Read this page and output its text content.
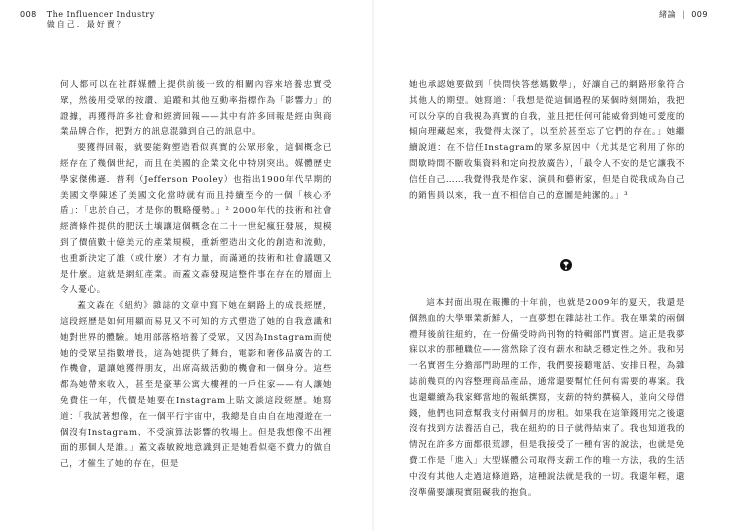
008 The Influencer Industry
做自己．最好賣？

何人都可以在社群媒體上提供前後一致的相關內容來培養忠實受眾，然後用受眾的按讚、追蹤和其他互動率指標作為「影響力」的證據，再獲得許多社會和經濟回報——其中有許多回報是經由與商業品牌合作，把對方的訊息混雜到自己的訊息中。

要獲得回報，就要能夠塑造看似真實的公眾形象，這個概念已經存在了幾個世紀，而且在美國的企業文化中特別突出。媒體歷史學家傑佛遜．普利（Jefferson Pooley）也指出1900年代早期的美國文學陳述了美國文化當時就有而且持續至今的一個「核心矛盾」：「忠於自己，才是你的戰略優勢。」² 2000年代的技術和社會經濟條件提供的肥沃土壤讓這個概念在二十一世紀瘋狂發展，規模到了價值數十億美元的產業規模，重新塑造出文化的創造和流動，也重新決定了誰（或什麼）才有力量，而滿通的技術和社會議題又是什麼。這就是網紅產業。而蓋文森發現這整件事在存在的層面上令人憂心。

蓋文森在《紐約》雜誌的文章中寫下她在網路上的成長經歷，這段經歷是如何用顯而易見又不可知的方式塑造了她的自我意識和她對世界的體驗。她用部落格培養了受眾，又因為Instagram而使她的受眾呈指數增長，這為她提供了舞台，電影和奢侈品廣告的工作機會，還讓她獲得朋友，出席高級活動的機會和一個身分。這些都為她帶來收入，甚至是豪華公寓大樓裡的一戶住家——有人讓她免費住一年，代價是她要在Instagram上貼文談這段經歷。她寫道：「我試著想像，在一個平行宇宙中，我總是自由自在地漫遊在一個沒有Instagram、不受演算法影響的牧場上。但是我想像不出裡面的那個人是誰。」蓋文森敏銳地意識到正是她看似毫不費力的做自己，才催生了她的存在，但是

緒論 | 009

她也承認她要做到「快問快答慈媽數學」，好讓自己的網路形象符合其他人的期望。她寫道：「我想是從這個過程的某個時刻開始，我把可以分享的自我視為真實的自我，並且把任何可能威脅到她可愛度的傾向理藏起來，我覺得太深了，以至於甚至忘了它們的存在。」她繼續說道：在不信任Instagram的眾多原因中（尤其是它利用了你的間歇時間不斷收集資料和定向投放廣告），「最令人不安的是它讓我不信任自己……我覺得我是作家、演員和藝術家，但是自從我成為自己的銷售員以來，我一直不相信自己的意圖是純潔的。」³

這本封面出現在報攤的十年前，也就是2009年的夏天，我還是個熱血的大學畢業新鮮人，一直夢想在雜誌社工作。我在畢業的兩個禮拜後前往紐約，在一份備受時尚刊物的特輯部門實習。這正是我夢寐以求的那種職位——當然除了沒有薪水和缺乏穩定性之外。我和另一名實習生分擔部門助理的工作，我們要接聽電話、安排日程，為雜誌前幾頁的內容整理商品產品，通常還要幫忙任何有需要的專案。我也還繼續為我家鄉當地的報紙撰寫，支薪的特約撰稿人，並向父母借錢，他們也同意幫我支付兩個月的房租。如果我在這筆錢用完之後還沒有找到方法養活自己，我在紐約的日子就得結束了。我也知道我的情況在許多方面都很荒謬，但是我接受了一種有害的說法，也就是免費工作是「進入」大型媒體公司取得支薪工作的唯一方法，我的生活中沒有其他人走過這條道路，這種說法就是我的一切。我還年輕，還沒準備要讓現實阻礙我的抱負。
